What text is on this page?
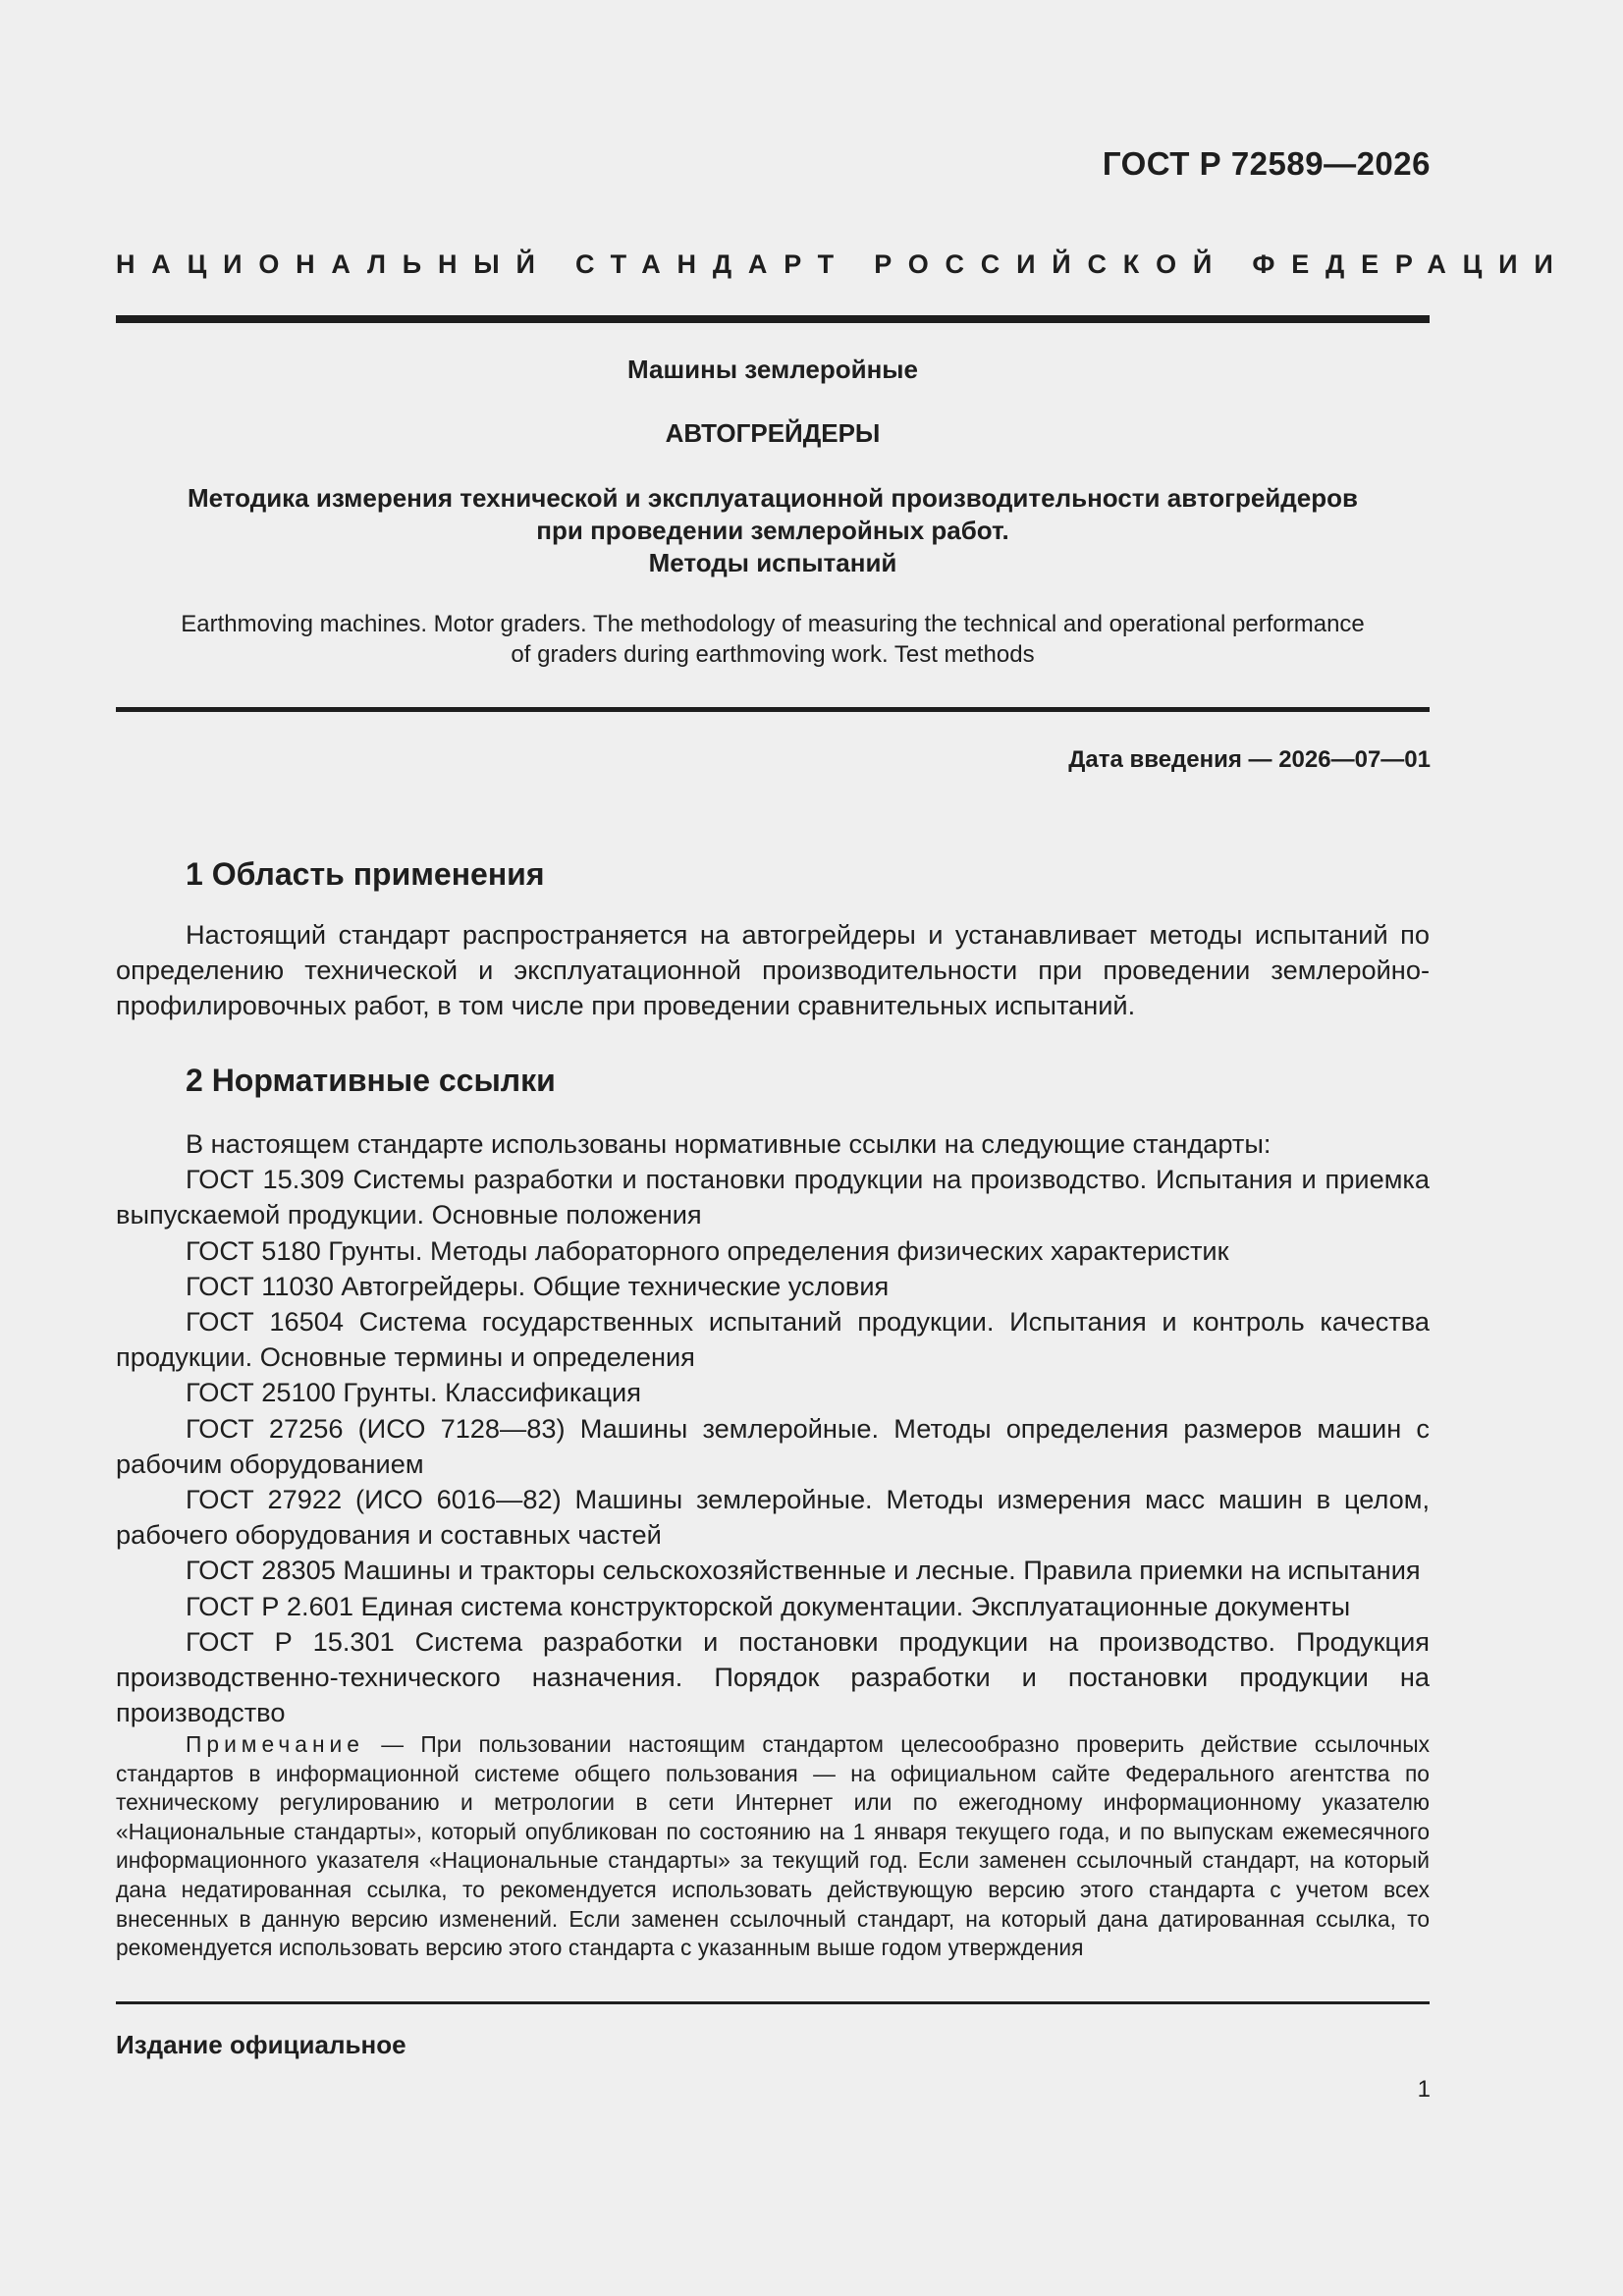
ГОСТ Р 72589—2026
НАЦИОНАЛЬНЫЙ СТАНДАРТ РОССИЙСКОЙ ФЕДЕРАЦИИ
Машины землеройные
АВТОГРЕЙДЕРЫ
Методика измерения технической и эксплуатационной производительности автогрейдеров
при проведении землеройных работ.
Методы испытаний
Earthmoving machines. Motor graders. The methodology of measuring the technical and operational performance
of graders during earthmoving work. Test methods
Дата введения — 2026—07—01
1 Область применения

Настоящий стандарт распространяется на автогрейдеры и устанавливает методы испытаний по определению технической и эксплуатационной производительности при проведении землеройно-профилировочных работ, в том числе при проведении сравнительных испытаний.

2 Нормативные ссылки

В настоящем стандарте использованы нормативные ссылки на следующие стандарты:

ГОСТ 15.309 Системы разработки и постановки продукции на производство. Испытания и приемка выпускаемой продукции. Основные положения

ГОСТ 5180 Грунты. Методы лабораторного определения физических характеристик

ГОСТ 11030 Автогрейдеры. Общие технические условия

ГОСТ 16504 Система государственных испытаний продукции. Испытания и контроль качества продукции. Основные термины и определения

ГОСТ 25100 Грунты. Классификация

ГОСТ 27256 (ИСО 7128—83) Машины землеройные. Методы определения размеров машин с рабочим оборудованием

ГОСТ 27922 (ИСО 6016—82) Машины землеройные. Методы измерения масс машин в целом, рабочего оборудования и составных частей

ГОСТ 28305 Машины и тракторы сельскохозяйственные и лесные. Правила приемки на испытания

ГОСТ Р 2.601 Единая система конструкторской документации. Эксплуатационные документы

ГОСТ Р 15.301 Система разработки и постановки продукции на производство. Продукция производственно-технического назначения. Порядок разработки и постановки продукции на производство

Примечание — При пользовании настоящим стандартом целесообразно проверить действие ссылочных стандартов в информационной системе общего пользования — на официальном сайте Федерального агентства по техническому регулированию и метрологии в сети Интернет или по ежегодному информационному указателю «Национальные стандарты», который опубликован по состоянию на 1 января текущего года, и по выпускам ежемесячного информационного указателя «Национальные стандарты» за текущий год. Если заменен ссылочный стандарт, на который дана недатированная ссылка, то рекомендуется использовать действующую версию этого стандарта с учетом всех внесенных в данную версию изменений. Если заменен ссылочный стандарт, на который дана датированная ссылка, то рекомендуется использовать версию этого стандарта с указанным выше годом утверждения
Издание официальное
1
